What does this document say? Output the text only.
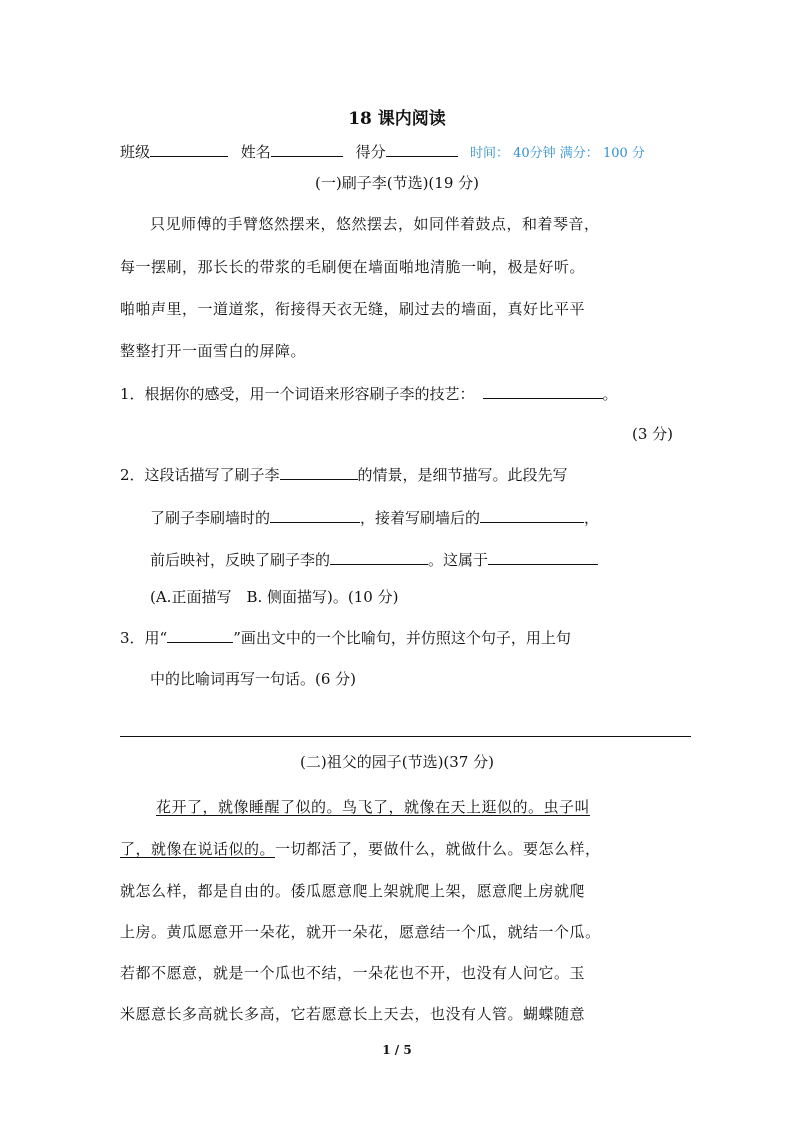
18 课内阅读
班级	姓名	得分	时间： 40分钟 满分： 100 分
(一)刷子李(节选)(19 分)
只见师傅的手臂悠然摆来，悠然摆去，如同伴着鼓点，和着琴音，
每一摆刷，那长长的带浆的毛刷便在墙面啪地清脆一响，极是好听。
啪啪声里，一道道浆，衔接得天衣无缝，刷过去的墙面，真好比平平
整整打开一面雪白的屏障。
1．根据你的感受，用一个词语来形容刷子李的技艺：	。
(3 分)
2．这段话描写了刷子李	的情景，是细节描写。此段先写
了刷子李刷墙时的	，接着写刷墙后的	，
前后映衬，反映了刷子李的	。这属于
(A.正面描写　B. 侧面描写)。(10 分)
3．用“	”画出文中的一个比喻句，并仿照这个句子，用上句
中的比喻词再写一句话。(6 分)
(二)祖父的园子(节选)(37 分)
花开了，就像睡醒了似的。鸟飞了，就像在天上逛似的。虫子叫
了，就像在说话似的。一切都活了，要做什么，就做什么。要怎么样，
就怎么样，都是自由的。倭瓜愿意爬上架就爬上架，愿意爬上房就爬
上房。黄瓜愿意开一朵花，就开一朵花，愿意结一个瓜，就结一个瓜。
若都不愿意，就是一个瓜也不结，一朵花也不开，也没有人问它。玉
米愿意长多高就长多高，它若愿意长上天去，也没有人管。蝴蝶随意
1 / 5
